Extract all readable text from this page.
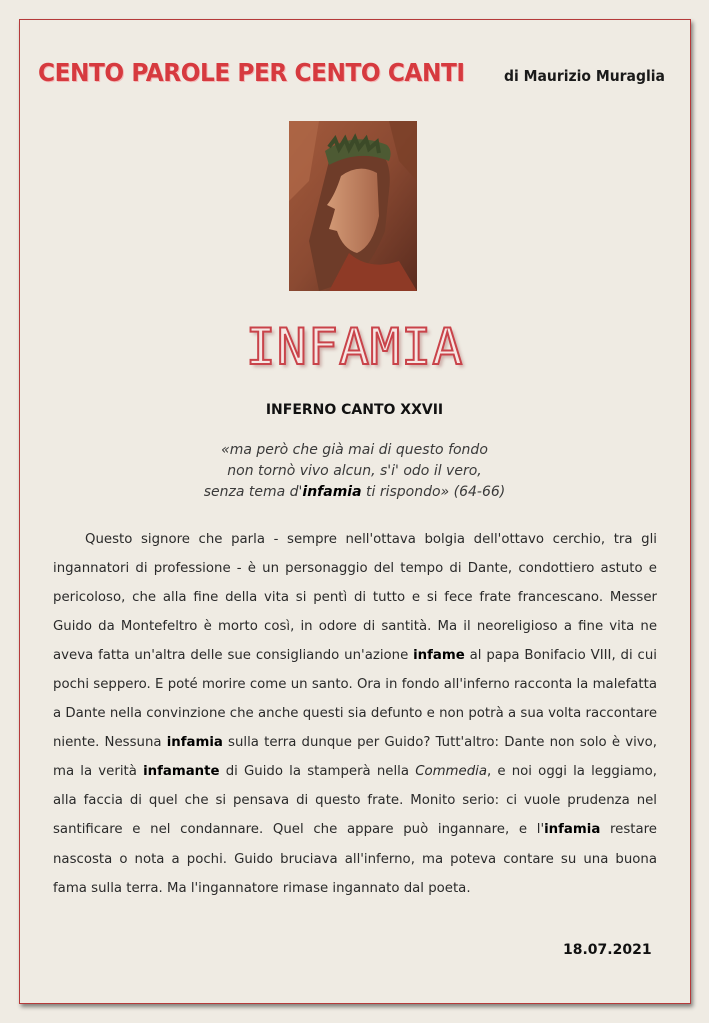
CENTO PAROLE PER CENTO CANTI	di Maurizio Muraglia
INFAMIA
INFERNO CANTO XXVII
«ma però che già mai di questo fondo
non tornò vivo alcun, s'i' odo il vero,
senza tema d'infamia ti rispondo» (64-66)

Questo signore che parla - sempre nell'ottava bolgia dell'ottavo cerchio, tra gli ingannatori di professione - è un personaggio del tempo di Dante, condottiero astuto e pericoloso, che alla fine della vita si pentì di tutto e si fece frate francescano. Messer Guido da Montefeltro è morto così, in odore di santità. Ma il neoreligioso a fine vita ne aveva fatta un'altra delle sue consigliando un'azione infame al papa Bonifacio VIII, di cui pochi seppero. E poté morire come un santo. Ora in fondo all'inferno racconta la malefatta a Dante nella convinzione che anche questi sia defunto e non potrà a sua volta raccontare niente. Nessuna infamia sulla terra dunque per Guido? Tutt'altro: Dante non solo è vivo, ma la verità infamante di Guido la stamperà nella Commedia, e noi oggi la leggiamo, alla faccia di quel che si pensava di questo frate. Monito serio: ci vuole prudenza nel santificare e nel condannare. Quel che appare può ingannare, e l'infamia restare nascosta o nota a pochi. Guido bruciava all'inferno, ma poteva contare su una buona fama sulla terra. Ma l'ingannatore rimase ingannato dal poeta.

18.07.2021
